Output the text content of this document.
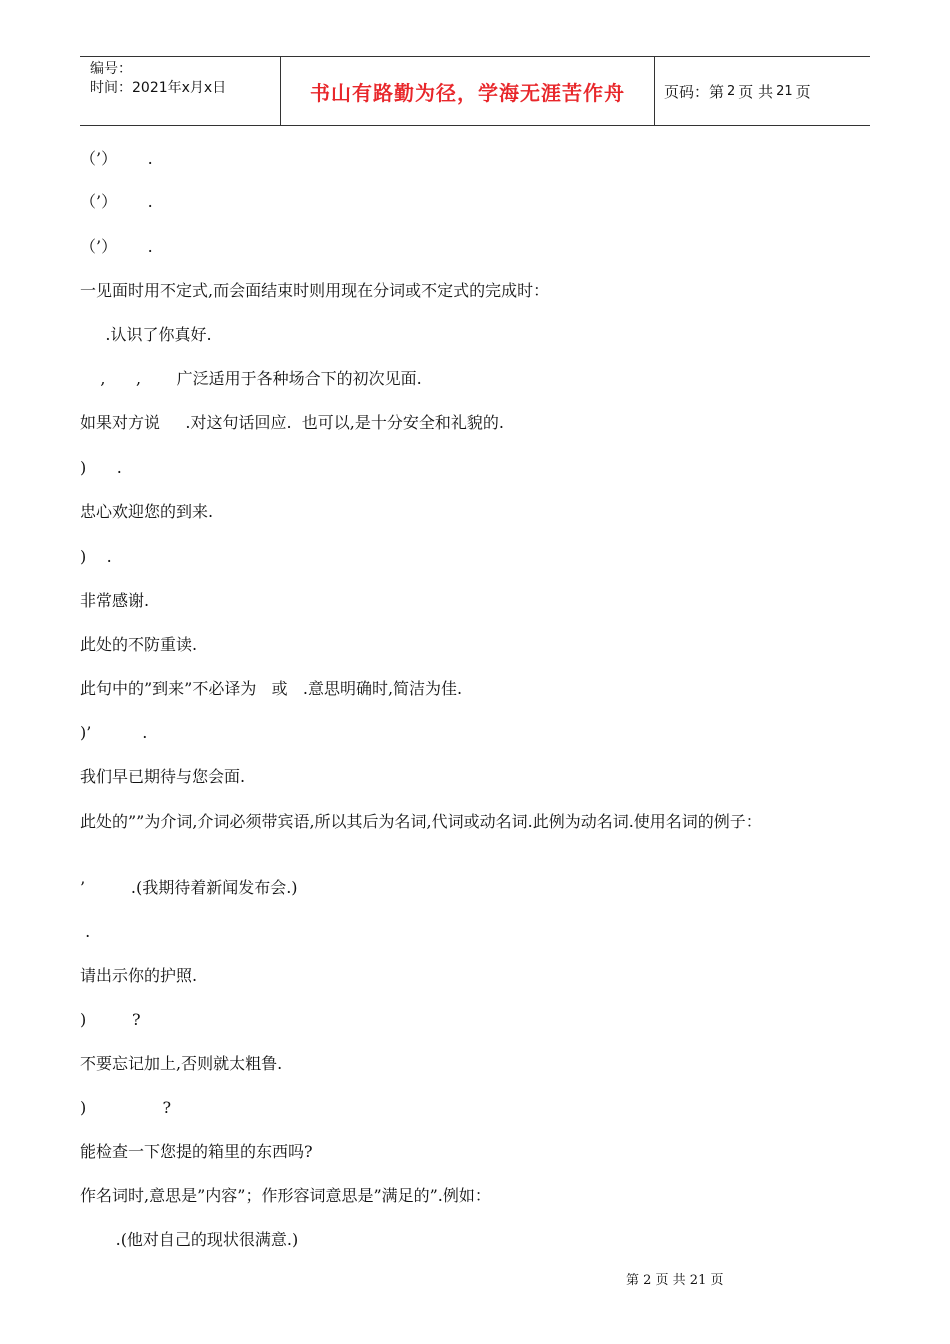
编号：
时间：2021年x月x日	书山有路勤为径，学海无涯苦作舟	页码：第 2 页 共 21 页
（’）      .
（’）      .
（’）      .
一见面时用不定式,而会面结束时则用现在分词或不定式的完成时：
.认识了你真好.
,      ,       广泛适用于各种场合下的初次见面.
如果对方说     .对这句话回应.  也可以,是十分安全和礼貌的.
)      .
忠心欢迎您的到来.
)    .
非常感谢.
此处的不防重读.
此句中的”到来”不必译为   或   .意思明确时,简洁为佳.
)’          .
我们早已期待与您会面.
此处的””为介词,介词必须带宾语,所以其后为名词,代词或动名词.此例为动名词.使用名词的例子：
’         .(我期待着新闻发布会.)
.
请出示你的护照.
)         ?
不要忘记加上,否则就太粗鲁.
)               ?
能检查一下您提的箱里的东西吗?
作名词时,意思是”内容”；作形容词意思是”满足的”.例如：
.(他对自己的现状很满意.)
第 2 页 共 21 页
